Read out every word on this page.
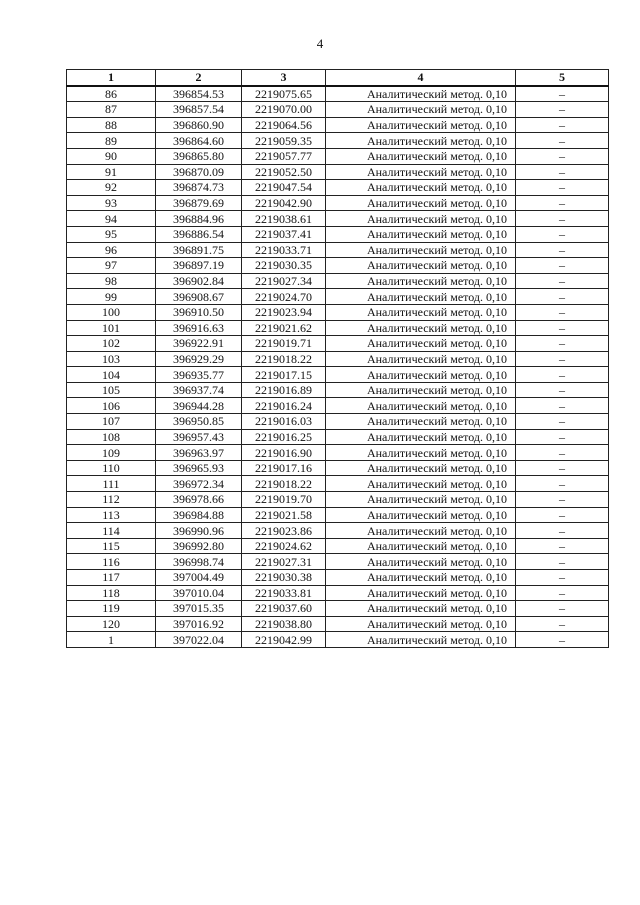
4
1	2	3	4	5
86	396854.53	2219075.65	Аналитический метод. 0,10	–
87	396857.54	2219070.00	Аналитический метод. 0,10	–
88	396860.90	2219064.56	Аналитический метод. 0,10	–
89	396864.60	2219059.35	Аналитический метод. 0,10	–
90	396865.80	2219057.77	Аналитический метод. 0,10	–
91	396870.09	2219052.50	Аналитический метод. 0,10	–
92	396874.73	2219047.54	Аналитический метод. 0,10	–
93	396879.69	2219042.90	Аналитический метод. 0,10	–
94	396884.96	2219038.61	Аналитический метод. 0,10	–
95	396886.54	2219037.41	Аналитический метод. 0,10	–
96	396891.75	2219033.71	Аналитический метод. 0,10	–
97	396897.19	2219030.35	Аналитический метод. 0,10	–
98	396902.84	2219027.34	Аналитический метод. 0,10	–
99	396908.67	2219024.70	Аналитический метод. 0,10	–
100	396910.50	2219023.94	Аналитический метод. 0,10	–
101	396916.63	2219021.62	Аналитический метод. 0,10	–
102	396922.91	2219019.71	Аналитический метод. 0,10	–
103	396929.29	2219018.22	Аналитический метод. 0,10	–
104	396935.77	2219017.15	Аналитический метод. 0,10	–
105	396937.74	2219016.89	Аналитический метод. 0,10	–
106	396944.28	2219016.24	Аналитический метод. 0,10	–
107	396950.85	2219016.03	Аналитический метод. 0,10	–
108	396957.43	2219016.25	Аналитический метод. 0,10	–
109	396963.97	2219016.90	Аналитический метод. 0,10	–
110	396965.93	2219017.16	Аналитический метод. 0,10	–
111	396972.34	2219018.22	Аналитический метод. 0,10	–
112	396978.66	2219019.70	Аналитический метод. 0,10	–
113	396984.88	2219021.58	Аналитический метод. 0,10	–
114	396990.96	2219023.86	Аналитический метод. 0,10	–
115	396992.80	2219024.62	Аналитический метод. 0,10	–
116	396998.74	2219027.31	Аналитический метод. 0,10	–
117	397004.49	2219030.38	Аналитический метод. 0,10	–
118	397010.04	2219033.81	Аналитический метод. 0,10	–
119	397015.35	2219037.60	Аналитический метод. 0,10	–
120	397016.92	2219038.80	Аналитический метод. 0,10	–
1	397022.04	2219042.99	Аналитический метод. 0,10	–
